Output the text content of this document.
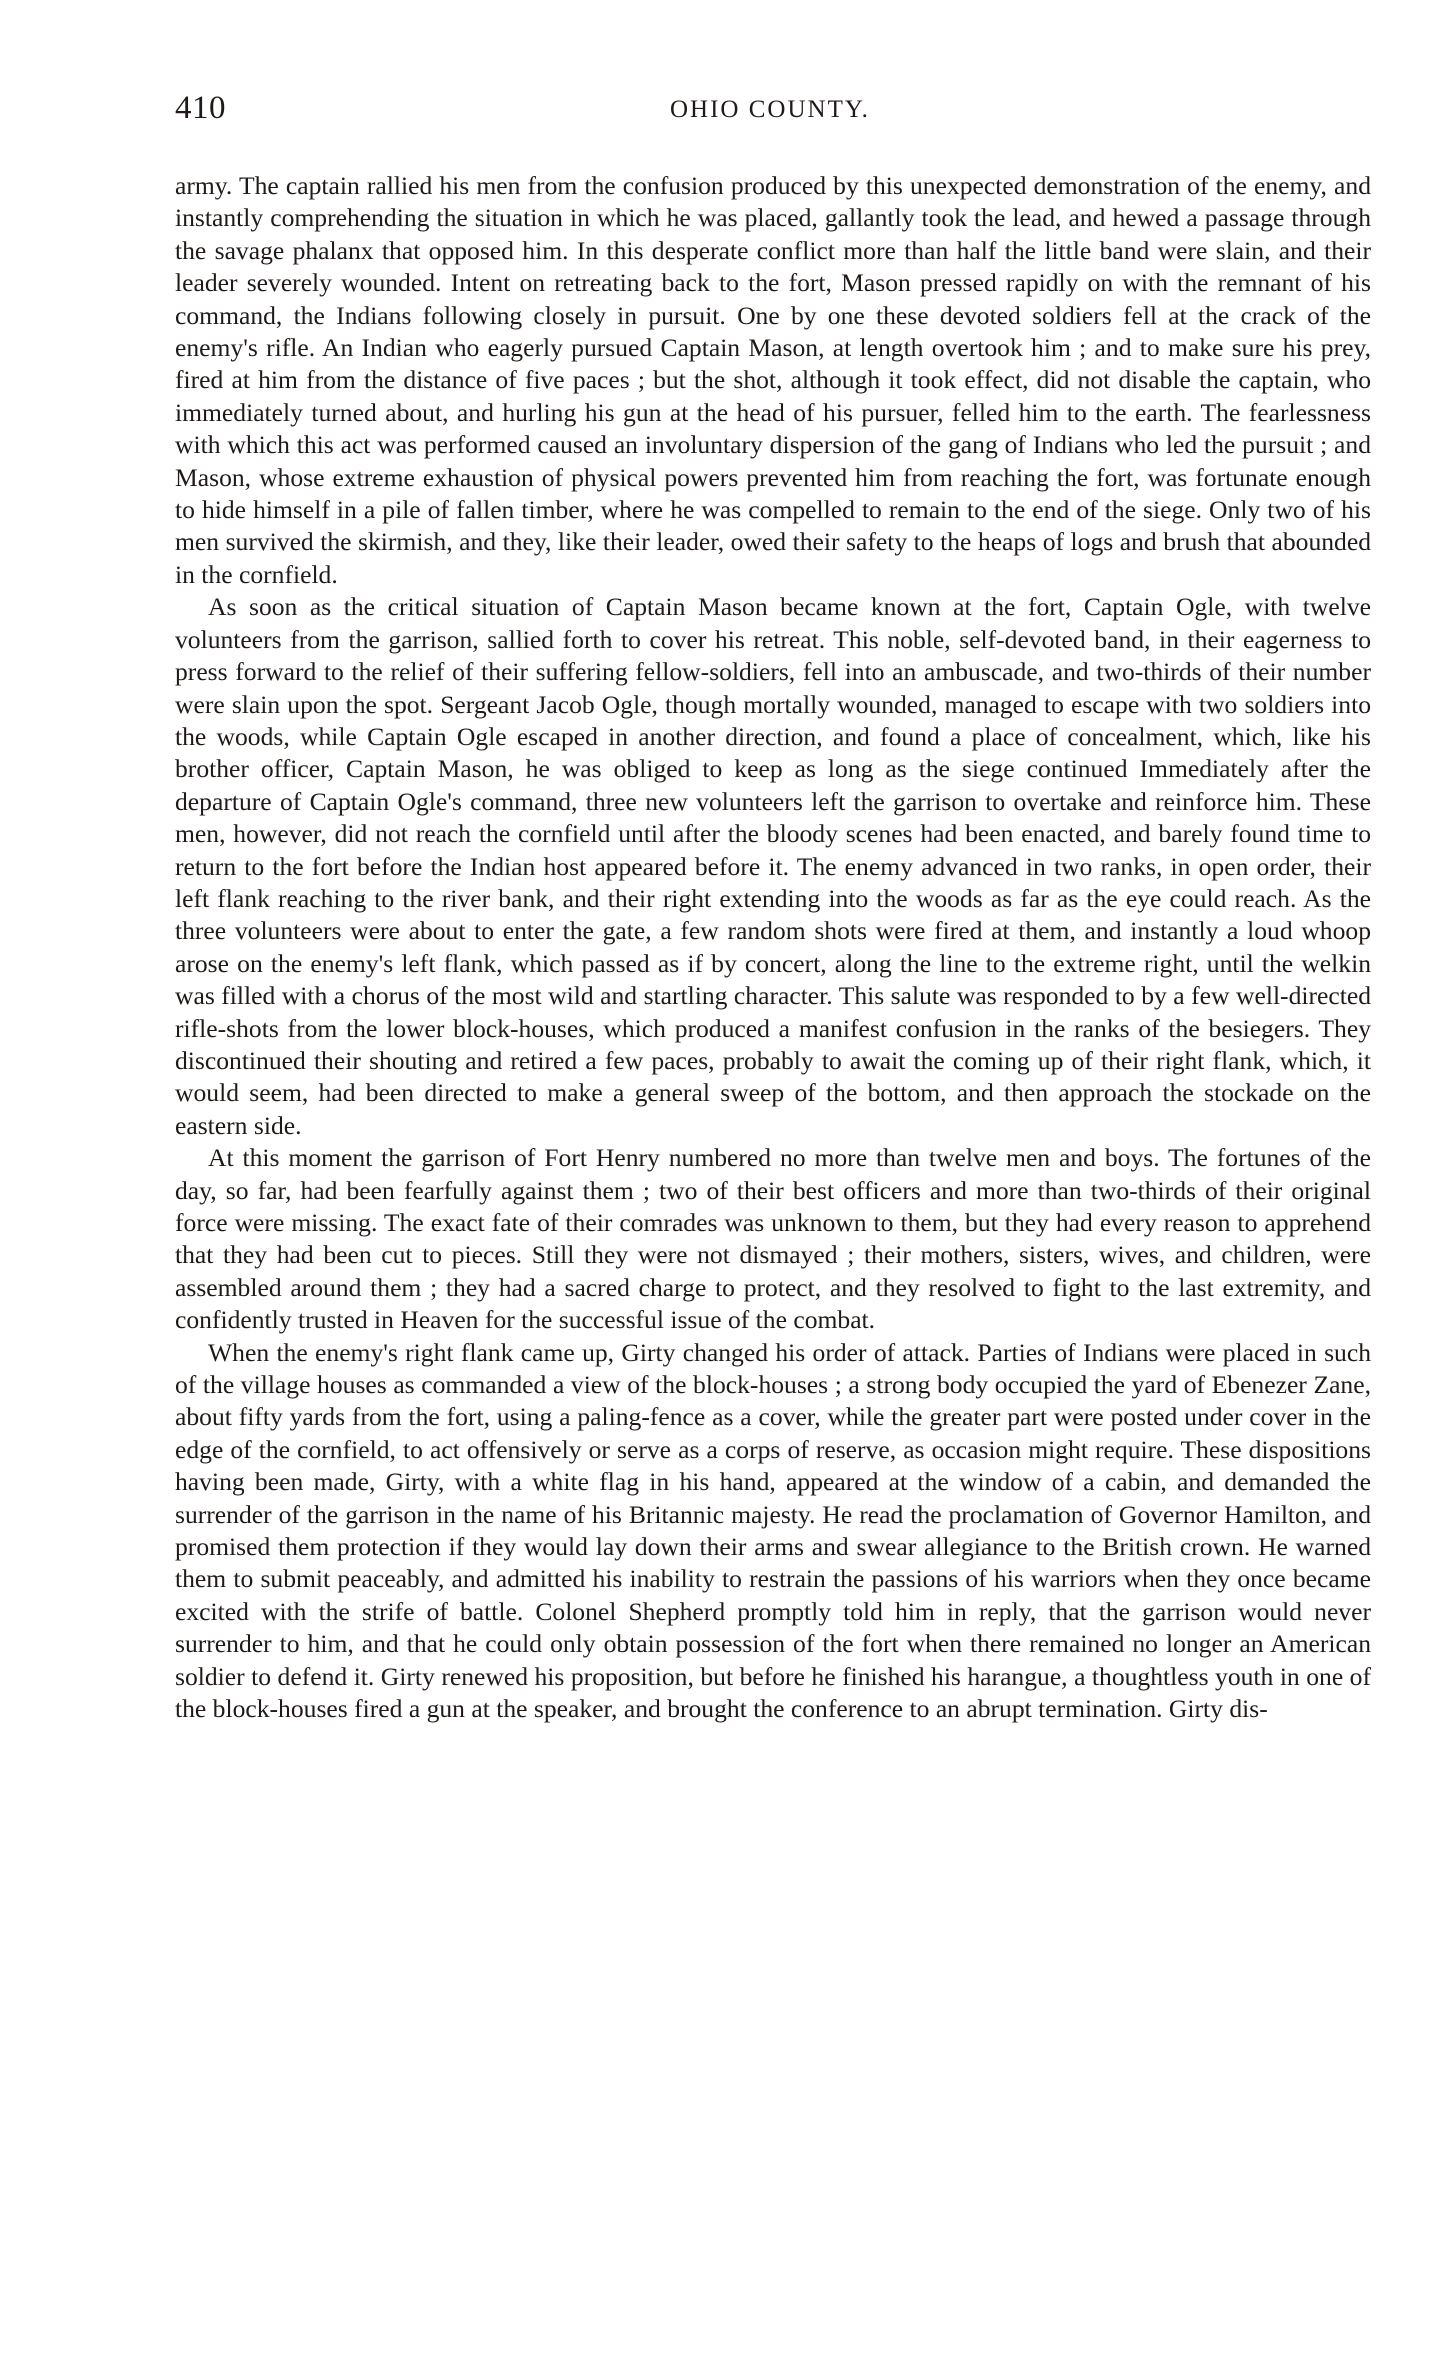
410	OHIO COUNTY.

army. The captain rallied his men from the confusion produced by this unexpected demonstration of the enemy, and instantly comprehending the situation in which he was placed, gallantly took the lead, and hewed a passage through the savage phalanx that opposed him. In this desperate conflict more than half the little band were slain, and their leader severely wounded. Intent on retreating back to the fort, Mason pressed rapidly on with the remnant of his command, the Indians following closely in pursuit. One by one these devoted soldiers fell at the crack of the enemy's rifle. An Indian who eagerly pursued Captain Mason, at length overtook him ; and to make sure his prey, fired at him from the distance of five paces ; but the shot, although it took effect, did not disable the captain, who immediately turned about, and hurling his gun at the head of his pursuer, felled him to the earth. The fearlessness with which this act was performed caused an involuntary dispersion of the gang of Indians who led the pursuit ; and Mason, whose extreme exhaustion of physical powers prevented him from reaching the fort, was fortunate enough to hide himself in a pile of fallen timber, where he was compelled to remain to the end of the siege. Only two of his men survived the skirmish, and they, like their leader, owed their safety to the heaps of logs and brush that abounded in the cornfield.

As soon as the critical situation of Captain Mason became known at the fort, Captain Ogle, with twelve volunteers from the garrison, sallied forth to cover his retreat. This noble, self-devoted band, in their eagerness to press forward to the relief of their suffering fellow-soldiers, fell into an ambuscade, and two-thirds of their number were slain upon the spot. Sergeant Jacob Ogle, though mortally wounded, managed to escape with two soldiers into the woods, while Captain Ogle escaped in another direction, and found a place of concealment, which, like his brother officer, Captain Mason, he was obliged to keep as long as the siege continued Immediately after the departure of Captain Ogle's command, three new volunteers left the garrison to overtake and reinforce him. These men, however, did not reach the cornfield until after the bloody scenes had been enacted, and barely found time to return to the fort before the Indian host appeared before it. The enemy advanced in two ranks, in open order, their left flank reaching to the river bank, and their right extending into the woods as far as the eye could reach. As the three volunteers were about to enter the gate, a few random shots were fired at them, and instantly a loud whoop arose on the enemy's left flank, which passed as if by concert, along the line to the extreme right, until the welkin was filled with a chorus of the most wild and startling character. This salute was responded to by a few well-directed rifle-shots from the lower block-houses, which produced a manifest confusion in the ranks of the besiegers. They discontinued their shouting and retired a few paces, probably to await the coming up of their right flank, which, it would seem, had been directed to make a general sweep of the bottom, and then approach the stockade on the eastern side.

At this moment the garrison of Fort Henry numbered no more than twelve men and boys. The fortunes of the day, so far, had been fearfully against them ; two of their best officers and more than two-thirds of their original force were missing. The exact fate of their comrades was unknown to them, but they had every reason to apprehend that they had been cut to pieces. Still they were not dismayed ; their mothers, sisters, wives, and children, were assembled around them ; they had a sacred charge to protect, and they resolved to fight to the last extremity, and confidently trusted in Heaven for the successful issue of the combat.

When the enemy's right flank came up, Girty changed his order of attack. Parties of Indians were placed in such of the village houses as commanded a view of the block-houses ; a strong body occupied the yard of Ebenezer Zane, about fifty yards from the fort, using a paling-fence as a cover, while the greater part were posted under cover in the edge of the cornfield, to act offensively or serve as a corps of reserve, as occasion might require. These dispositions having been made, Girty, with a white flag in his hand, appeared at the window of a cabin, and demanded the surrender of the garrison in the name of his Britannic majesty. He read the proclamation of Governor Hamilton, and promised them protection if they would lay down their arms and swear allegiance to the British crown. He warned them to submit peaceably, and admitted his inability to restrain the passions of his warriors when they once became excited with the strife of battle. Colonel Shepherd promptly told him in reply, that the garrison would never surrender to him, and that he could only obtain possession of the fort when there remained no longer an American soldier to defend it. Girty renewed his proposition, but before he finished his harangue, a thoughtless youth in one of the block-houses fired a gun at the speaker, and brought the conference to an abrupt termination. Girty dis-
